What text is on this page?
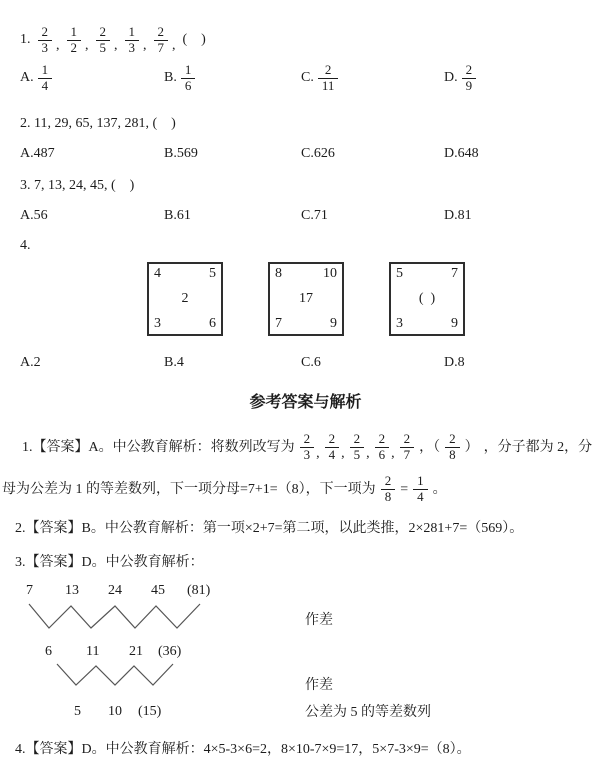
1. $\frac{2}{3}$ , $\frac{1}{2}$ , $\frac{2}{5}$ , $\frac{1}{3}$ , $\frac{2}{7}$ , (    )
A. $\frac{1}{4}$	B. $\frac{1}{6}$	C. $\frac{2}{11}$	D. $\frac{2}{9}$
2. 11, 29, 65, 137, 281, (    )
A.487	B.569	C.626	D.648
3. 7, 13, 24, 45, (    )
A.56	B.61	C.71	D.81
4.
4	5
2
3	6
8	10
17
7	9
5	7
(  )
3	9
A.2	B.4	C.6	D.8
参考答案与解析
1.【答案】A。中公教育解析：将数列改写为 $\frac{2}{3}$ , $\frac{2}{4}$ , $\frac{2}{5}$ , $\frac{2}{6}$ , $\frac{2}{7}$ ，（ $\frac{2}{8}$ ） ，分子都为 2，分
母为公差为 1 的等差数列，下一项分母=7+1=（8），下一项为 $\frac{2}{8} = \frac{1}{4}$ 。
2.【答案】B。中公教育解析：第一项×2+7=第二项，以此类推，2×281+7=（569）。
3.【答案】D。中公教育解析：
7 13 24 45 (81)
作差
6 11 21 (36)
作差
5 10 (15)	公差为 5 的等差数列
4.【答案】D。中公教育解析：4×5-3×6=2，8×10-7×9=17，5×7-3×9=（8）。
